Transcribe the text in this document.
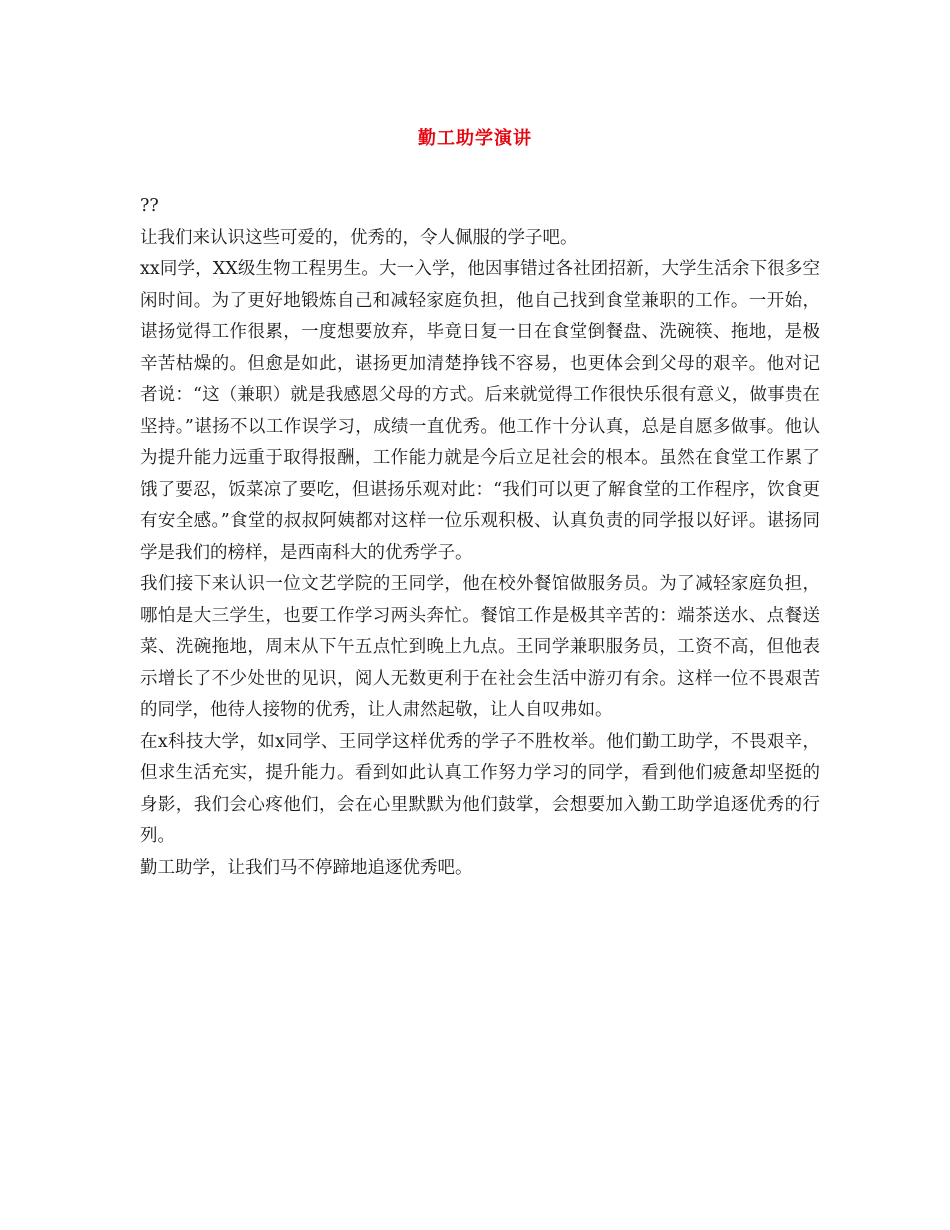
勤工助学演讲

??

让我们来认识这些可爱的，优秀的，令人佩服的学子吧。

xx同学，XX级生物工程男生。大一入学，他因事错过各社团招新，大学生活余下很多空闲时间。为了更好地锻炼自己和减轻家庭负担，他自己找到食堂兼职的工作。一开始，谌扬觉得工作很累，一度想要放弃，毕竟日复一日在食堂倒餐盘、洗碗筷、拖地，是极辛苦枯燥的。但愈是如此，谌扬更加清楚挣钱不容易，也更体会到父母的艰辛。他对记者说：“这（兼职）就是我感恩父母的方式。后来就觉得工作很快乐很有意义，做事贵在坚持。”谌扬不以工作误学习，成绩一直优秀。他工作十分认真，总是自愿多做事。他认为提升能力远重于取得报酬，工作能力就是今后立足社会的根本。虽然在食堂工作累了饿了要忍，饭菜凉了要吃，但谌扬乐观对此：“我们可以更了解食堂的工作程序，饮食更有安全感。”食堂的叔叔阿姨都对这样一位乐观积极、认真负责的同学报以好评。谌扬同学是我们的榜样，是西南科大的优秀学子。

我们接下来认识一位文艺学院的王同学，他在校外餐馆做服务员。为了减轻家庭负担，哪怕是大三学生，也要工作学习两头奔忙。餐馆工作是极其辛苦的：端茶送水、点餐送菜、洗碗拖地，周末从下午五点忙到晚上九点。王同学兼职服务员，工资不高，但他表示增长了不少处世的见识，阅人无数更利于在社会生活中游刃有余。这样一位不畏艰苦的同学，他待人接物的优秀，让人肃然起敬，让人自叹弗如。

在x科技大学，如x同学、王同学这样优秀的学子不胜枚举。他们勤工助学，不畏艰辛，但求生活充实，提升能力。看到如此认真工作努力学习的同学，看到他们疲惫却坚挺的身影，我们会心疼他们，会在心里默默为他们鼓掌，会想要加入勤工助学追逐优秀的行列。

勤工助学，让我们马不停蹄地追逐优秀吧。
